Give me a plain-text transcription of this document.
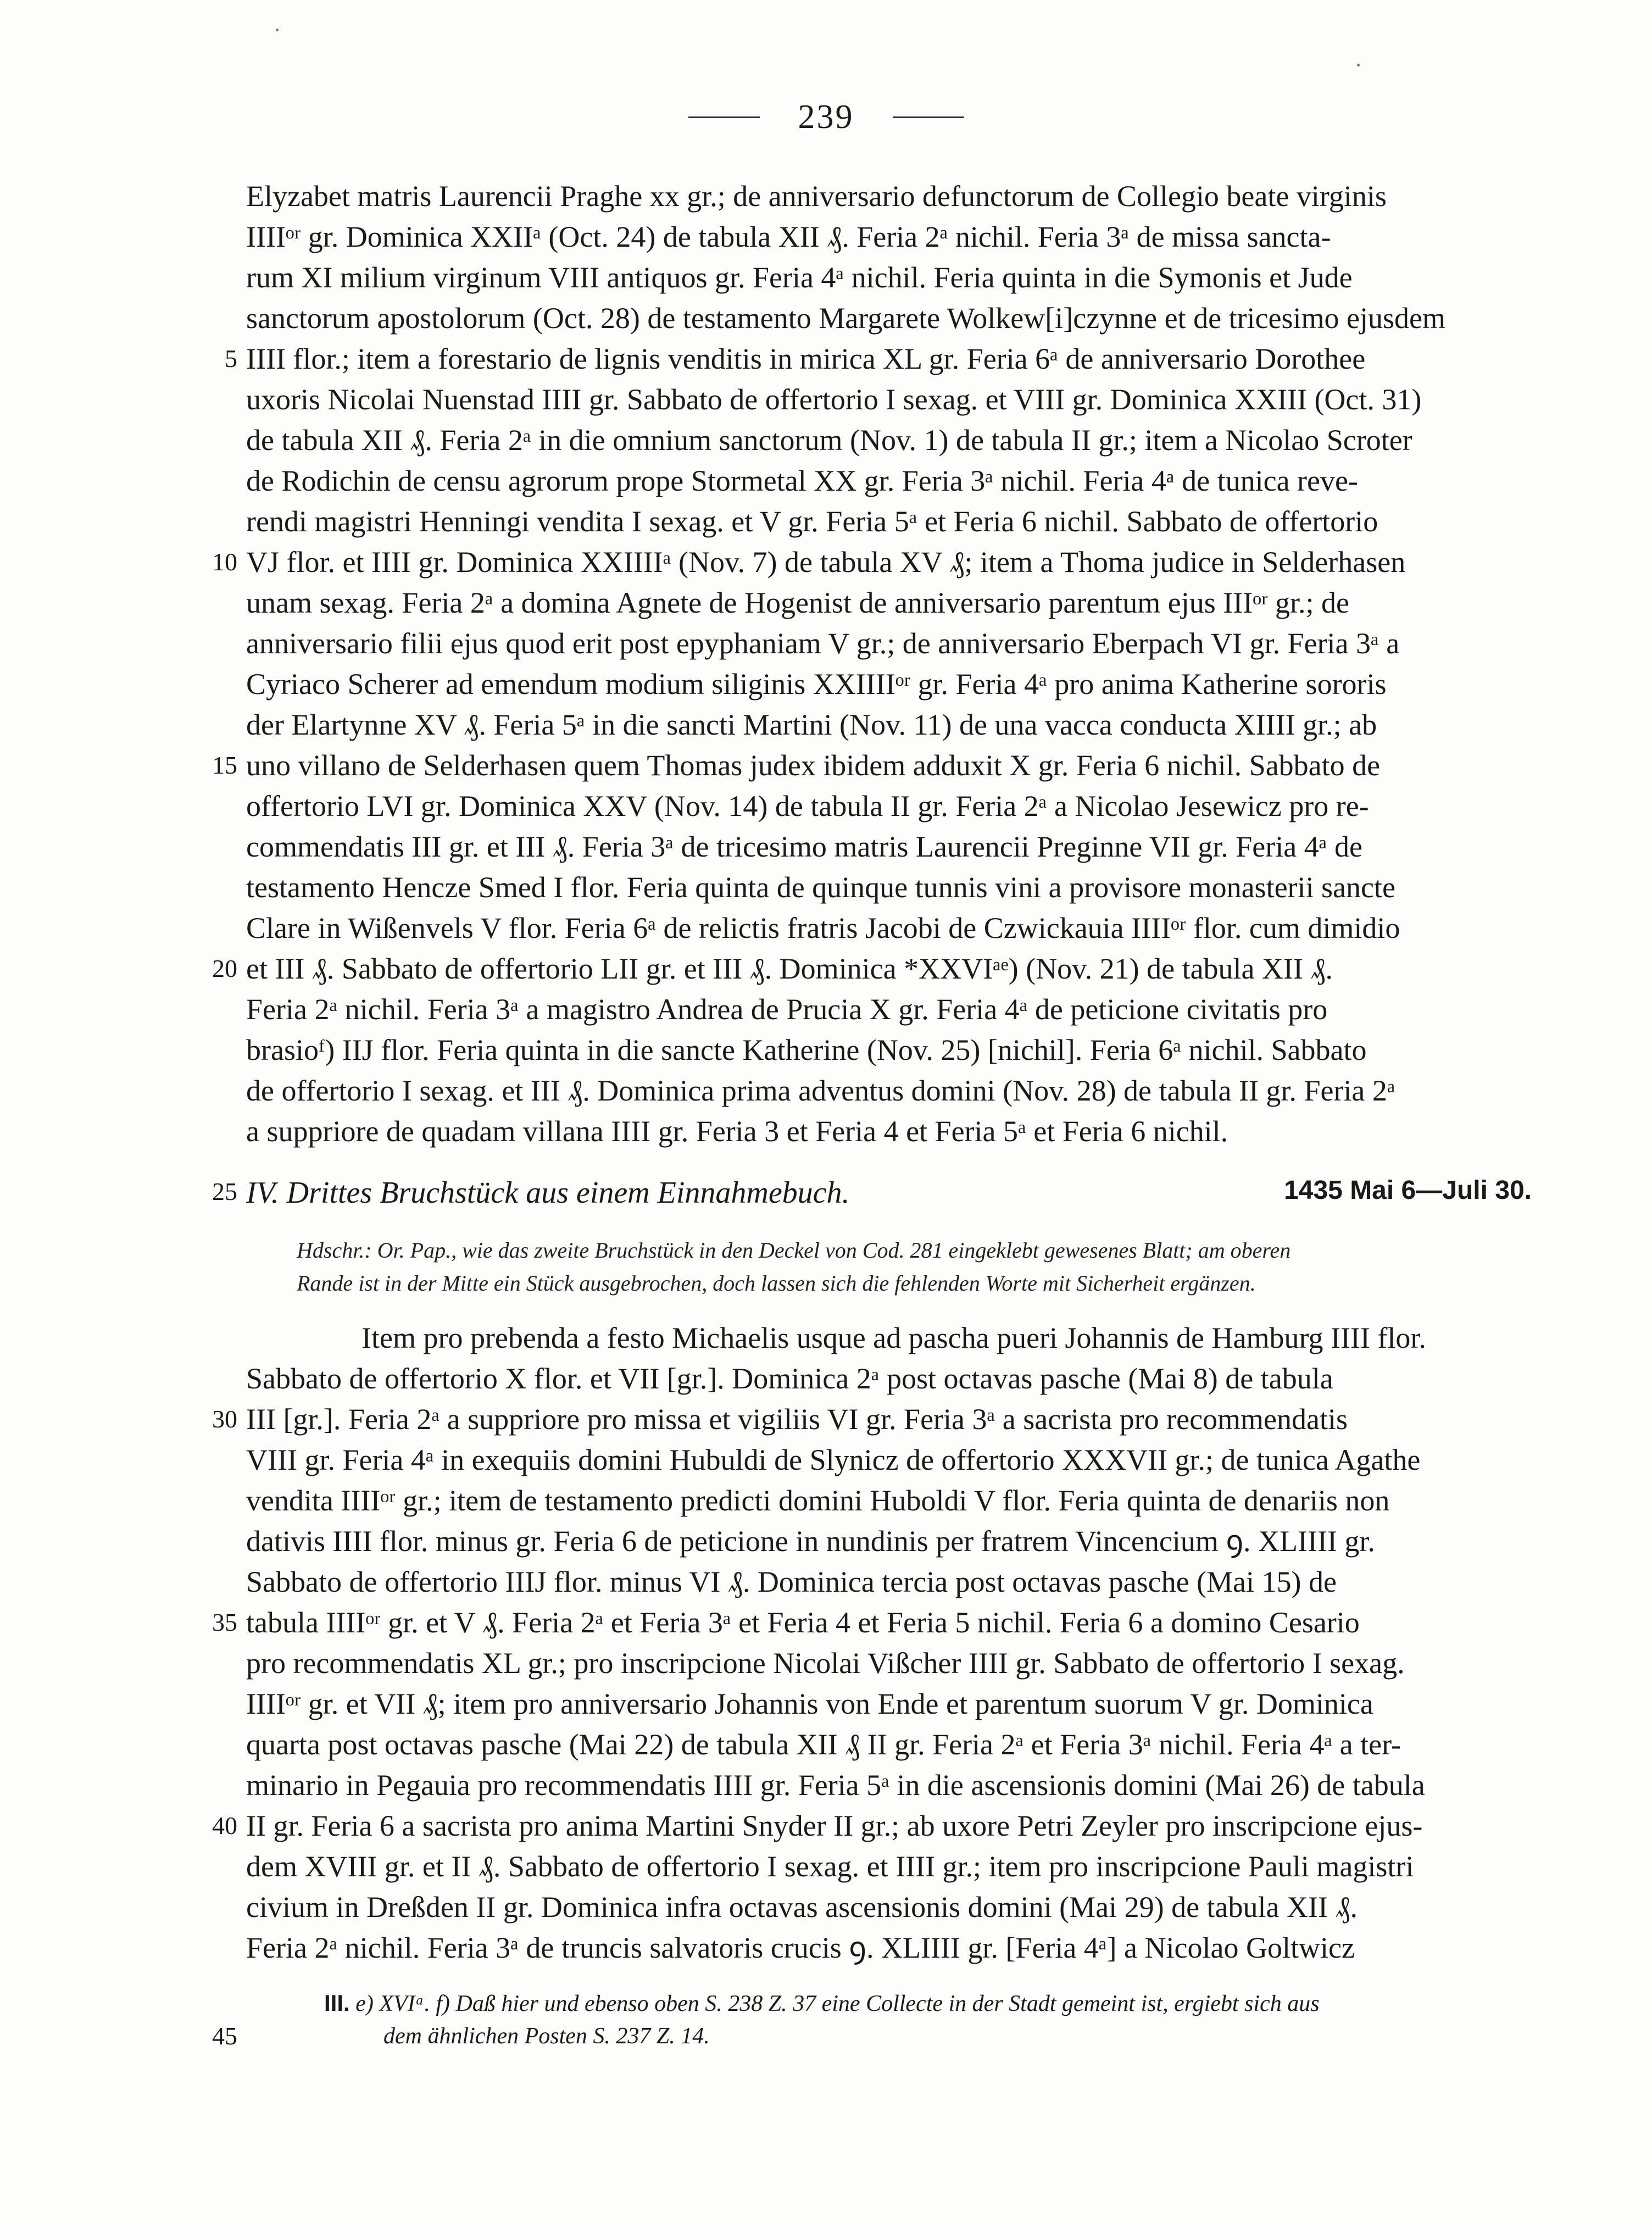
239
Elyzabet matris Laurencii Praghe xx gr.; de anniversario defunctorum de Collegio beate virginis
IIIIᵒʳ gr. Dominica XXIIᵃ (Oct. 24) de tabula XII ₰. Feria 2ᵃ nichil. Feria 3ᵃ de missa sancta-
rum XI milium virginum VIII antiquos gr. Feria 4ᵃ nichil. Feria quinta in die Symonis et Jude
sanctorum apostolorum (Oct. 28) de testamento Margarete Wolkew[i]czynne et de tricesimo ejusdem
IIII flor.; item a forestario de lignis venditis in mirica XL gr. Feria 6ᵃ de anniversario Dorothee
uxoris Nicolai Nuenstad IIII gr. Sabbato de offertorio I sexag. et VIII gr. Dominica XXIII (Oct. 31)
de tabula XII ₰. Feria 2ᵃ in die omnium sanctorum (Nov. 1) de tabula II gr.; item a Nicolao Scroter
de Rodichin de censu agrorum prope Stormetal XX gr. Feria 3ᵃ nichil. Feria 4ᵃ de tunica reve-
rendi magistri Henningi vendita I sexag. et V gr. Feria 5ᵃ et Feria 6 nichil. Sabbato de offertorio
VJ flor. et IIII gr. Dominica XXIIIIᵃ (Nov. 7) de tabula XV ₰; item a Thoma judice in Selderhasen
unam sexag. Feria 2ᵃ a domina Agnete de Hogenist de anniversario parentum ejus IIIᵒʳ gr.; de
anniversario filii ejus quod erit post epyphaniam V gr.; de anniversario Eberpach VI gr. Feria 3ᵃ a
Cyriaco Scherer ad emendum modium siliginis XXIIIIᵒʳ gr. Feria 4ᵃ pro anima Katherine sororis
der Elartynne XV ₰. Feria 5ᵃ in die sancti Martini (Nov. 11) de una vacca conducta XIIII gr.; ab
uno villano de Selderhasen quem Thomas judex ibidem adduxit X gr. Feria 6 nichil. Sabbato de
offertorio LVI gr. Dominica XXV (Nov. 14) de tabula II gr. Feria 2ᵃ a Nicolao Jesewicz pro re-
commendatis III gr. et III ₰. Feria 3ᵃ de tricesimo matris Laurencii Preginne VII gr. Feria 4ᵃ de
testamento Hencze Smed I flor. Feria quinta de quinque tunnis vini a provisore monasterii sancte
Clare in Wißenvels V flor. Feria 6ᵃ de relictis fratris Jacobi de Czwickauia IIIIᵒʳ flor. cum dimidio
et III ₰. Sabbato de offertorio LII gr. et III ₰. Dominica *XXVIᵃᵉ) (Nov. 21) de tabula XII ₰.
Feria 2ᵃ nichil. Feria 3ᵃ a magistro Andrea de Prucia X gr. Feria 4ᵃ de peticione civitatis pro
brasioᶠ) IIJ flor. Feria quinta in die sancte Katherine (Nov. 25) [nichil]. Feria 6ᵃ nichil. Sabbato
de offertorio I sexag. et III ₰. Dominica prima adventus domini (Nov. 28) de tabula II gr. Feria 2ᵃ
a suppriore de quadam villana IIII gr. Feria 3 et Feria 4 et Feria 5ᵃ et Feria 6 nichil.
5
10
15
20
25 IV. Drittes Bruchstück aus einem Einnahmebuch.	1435 Mai 6—Juli 30.
Hdschr.: Or. Pap., wie das zweite Bruchstück in den Deckel von Cod. 281 eingeklebt gewesenes Blatt; am oberen
Rande ist in der Mitte ein Stück ausgebrochen, doch lassen sich die fehlenden Worte mit Sicherheit ergänzen.
Item pro prebenda a festo Michaelis usque ad pascha pueri Johannis de Hamburg IIII flor.
Sabbato de offertorio X flor. et VII [gr.]. Dominica 2ᵃ post octavas pasche (Mai 8) de tabula
III [gr.]. Feria 2ᵃ a suppriore pro missa et vigiliis VI gr. Feria 3ᵃ a sacrista pro recommendatis
VIII gr. Feria 4ᵃ in exequiis domini Hubuldi de Slynicz de offertorio XXXVII gr.; de tunica Agathe
vendita IIIIᵒʳ gr.; item de testamento predicti domini Huboldi V flor. Feria quinta de denariis non
dativis IIII flor. minus gr. Feria 6 de peticione in nundinis per fratrem Vincencium ꝯ. XLIIII gr.
Sabbato de offertorio IIIJ flor. minus VI ₰. Dominica tercia post octavas pasche (Mai 15) de
tabula IIIIᵒʳ gr. et V ₰. Feria 2ᵃ et Feria 3ᵃ et Feria 4 et Feria 5 nichil. Feria 6 a domino Cesario
pro recommendatis XL gr.; pro inscripcione Nicolai Vißcher IIII gr. Sabbato de offertorio I sexag.
IIIIᵒʳ gr. et VII ₰; item pro anniversario Johannis von Ende et parentum suorum V gr. Dominica
quarta post octavas pasche (Mai 22) de tabula XII ₰ II gr. Feria 2ᵃ et Feria 3ᵃ nichil. Feria 4ᵃ a ter-
minario in Pegauia pro recommendatis IIII gr. Feria 5ᵃ in die ascensionis domini (Mai 26) de tabula
II gr. Feria 6 a sacrista pro anima Martini Snyder II gr.; ab uxore Petri Zeyler pro inscripcione ejus-
dem XVIII gr. et II ₰. Sabbato de offertorio I sexag. et IIII gr.; item pro inscripcione Pauli magistri
civium in Dreßden II gr. Dominica infra octavas ascensionis domini (Mai 29) de tabula XII ₰.
Feria 2ᵃ nichil. Feria 3ᵃ de truncis salvatoris crucis ꝯ. XLIIII gr. [Feria 4ᵃ] a Nicolao Goltwicz
30
35
40
III. e) XVIᵃ. f) Daß hier und ebenso oben S. 238 Z. 37 eine Collecte in der Stadt gemeint ist, ergiebt sich aus
dem ähnlichen Posten S. 237 Z. 14.
45
